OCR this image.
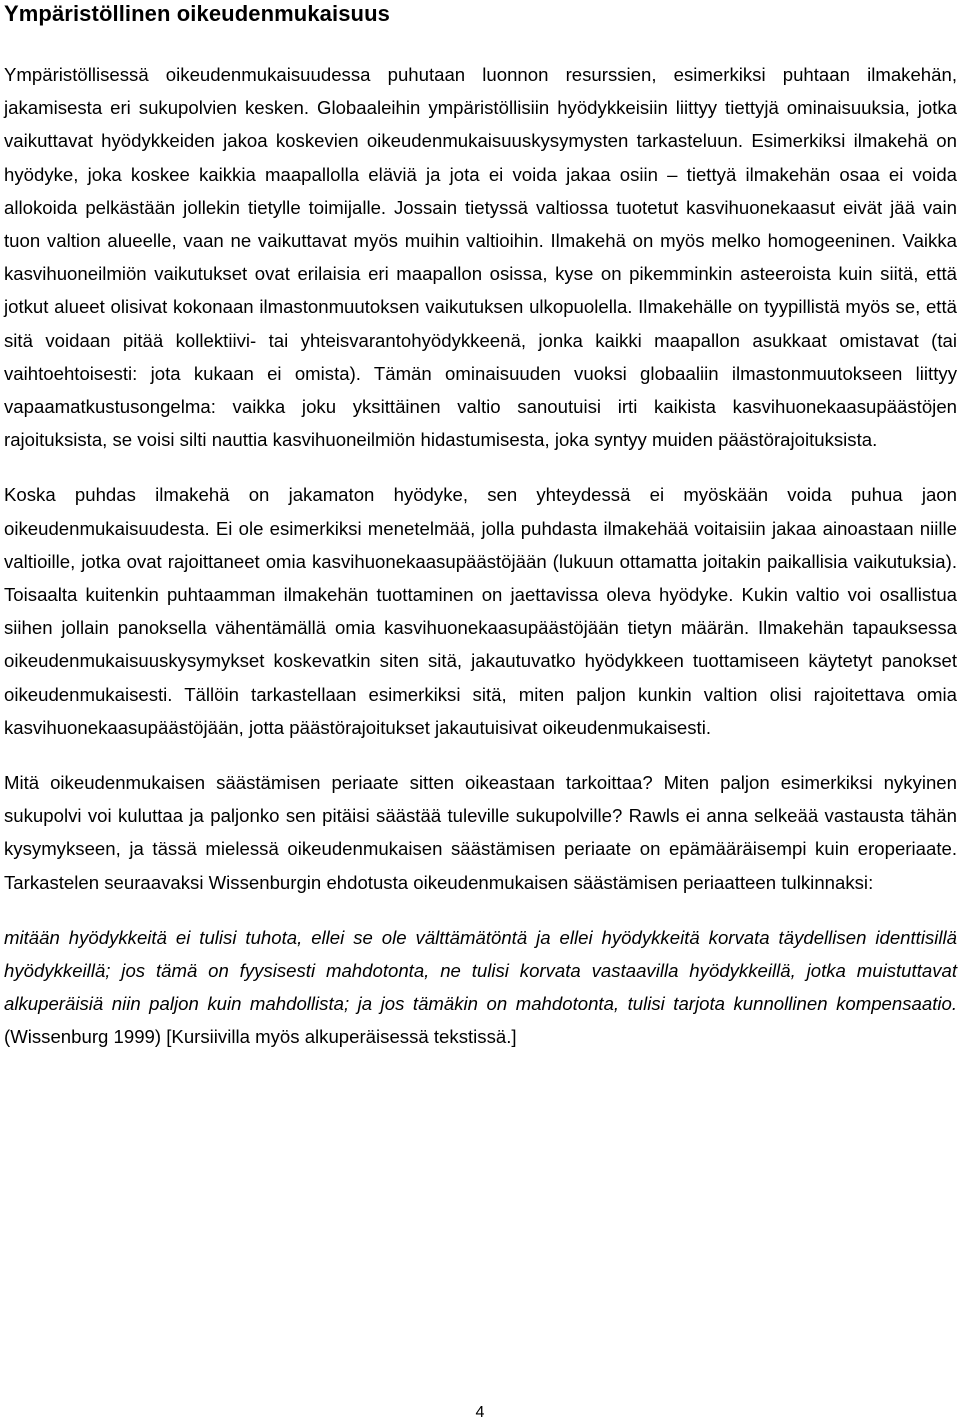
Ympäristöllinen oikeudenmukaisuus

Ympäristöllisessä oikeudenmukaisuudessa puhutaan luonnon resurssien, esimerkiksi puhtaan ilmakehän, jakamisesta eri sukupolvien kesken. Globaaleihin ympäristöllisiin hyödykkeisiin liittyy tiettyjä ominaisuuksia, jotka vaikuttavat hyödykkeiden jakoa koskevien oikeudenmukaisuuskysymysten tarkasteluun. Esimerkiksi ilmakehä on hyödyke, joka koskee kaikkia maapallolla eläviä ja jota ei voida jakaa osiin – tiettyä ilmakehän osaa ei voida allokoida pelkästään jollekin tietylle toimijalle. Jossain tietyssä valtiossa tuotetut kasvihuonekaasut eivät jää vain tuon valtion alueelle, vaan ne vaikuttavat myös muihin valtioihin. Ilmakehä on myös melko homogeeninen. Vaikka kasvihuoneilmiön vaikutukset ovat erilaisia eri maapallon osissa, kyse on pikemminkin asteeroista kuin siitä, että jotkut alueet olisivat kokonaan ilmastonmuutoksen vaikutuksen ulkopuolella. Ilmakehälle on tyypillistä myös se, että sitä voidaan pitää kollektiivi- tai yhteisvarantohyödykkeenä, jonka kaikki maapallon asukkaat omistavat (tai vaihtoehtoisesti: jota kukaan ei omista). Tämän ominaisuuden vuoksi globaaliin ilmastonmuutokseen liittyy vapaamatkustusongelma: vaikka joku yksittäinen valtio sanoutuisi irti kaikista kasvihuonekaasupäästöjen rajoituksista, se voisi silti nauttia kasvihuoneilmiön hidastumisesta, joka syntyy muiden päästörajoituksista.

Koska puhdas ilmakehä on jakamaton hyödyke, sen yhteydessä ei myöskään voida puhua jaon oikeudenmukaisuudesta. Ei ole esimerkiksi menetelmää, jolla puhdasta ilmakehää voitaisiin jakaa ainoastaan niille valtioille, jotka ovat rajoittaneet omia kasvihuonekaasupäästöjään (lukuun ottamatta joitakin paikallisia vaikutuksia). Toisaalta kuitenkin puhtaamman ilmakehän tuottaminen on jaettavissa oleva hyödyke. Kukin valtio voi osallistua siihen jollain panoksella vähentämällä omia kasvihuonekaasupäästöjään tietyn määrän. Ilmakehän tapauksessa oikeudenmukaisuuskysymykset koskevatkin siten sitä, jakautuvatko hyödykkeen tuottamiseen käytetyt panokset oikeudenmukaisesti. Tällöin tarkastellaan esimerkiksi sitä, miten paljon kunkin valtion olisi rajoitettava omia kasvihuonekaasupäästöjään, jotta päästörajoitukset jakautuisivat oikeudenmukaisesti.

Mitä oikeudenmukaisen säästämisen periaate sitten oikeastaan tarkoittaa? Miten paljon esimerkiksi nykyinen sukupolvi voi kuluttaa ja paljonko sen pitäisi säästää tuleville sukupolville? Rawls ei anna selkeää vastausta tähän kysymykseen, ja tässä mielessä oikeudenmukaisen säästämisen periaate on epämääräisempi kuin eroperiaate. Tarkastelen seuraavaksi Wissenburgin ehdotusta oikeudenmukaisen säästämisen periaatteen tulkinnaksi:

mitään hyödykkeitä ei tulisi tuhota, ellei se ole välttämätöntä ja ellei hyödykkeitä korvata täydellisen identtisillä hyödykkeillä; jos tämä on fyysisesti mahdotonta, ne tulisi korvata vastaavilla hyödykkeillä, jotka muistuttavat alkuperäisiä niin paljon kuin mahdollista; ja jos tämäkin on mahdotonta, tulisi tarjota kunnollinen kompensaatio. (Wissenburg 1999) [Kursiivilla myös alkuperäisessä tekstissä.]

4
